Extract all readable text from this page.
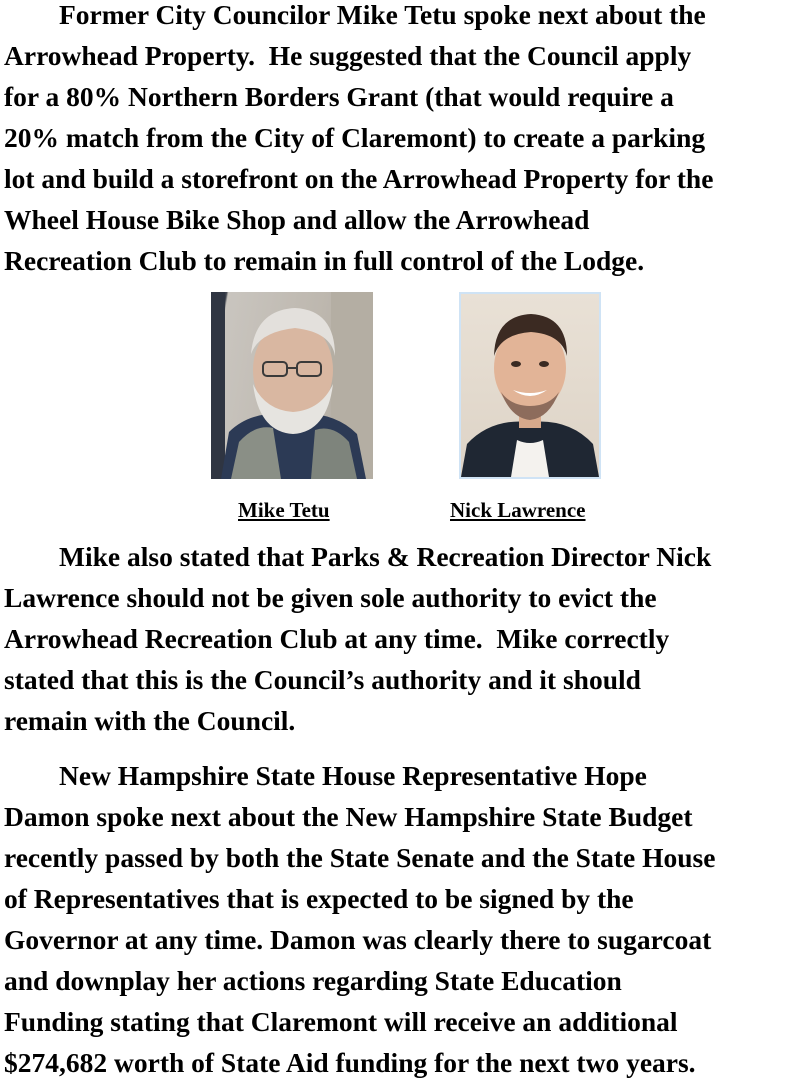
Former City Councilor Mike Tetu spoke next about the
Arrowhead Property.  He suggested that the Council apply
for a 80% Northern Borders Grant (that would require a
20% match from the City of Claremont) to create a parking
lot and build a storefront on the Arrowhead Property for the
Wheel House Bike Shop and allow the Arrowhead
Recreation Club to remain in full control of the Lodge.
Mike Tetu	Nick Lawrence
Mike also stated that Parks & Recreation Director Nick
Lawrence should not be given sole authority to evict the
Arrowhead Recreation Club at any time.  Mike correctly
stated that this is the Council’s authority and it should
remain with the Council.
New Hampshire State House Representative Hope
Damon spoke next about the New Hampshire State Budget
recently passed by both the State Senate and the State House
of Representatives that is expected to be signed by the
Governor at any time. Damon was clearly there to sugarcoat
and downplay her actions regarding State Education
Funding stating that Claremont will receive an additional
$274,682 worth of State Aid funding for the next two years.
